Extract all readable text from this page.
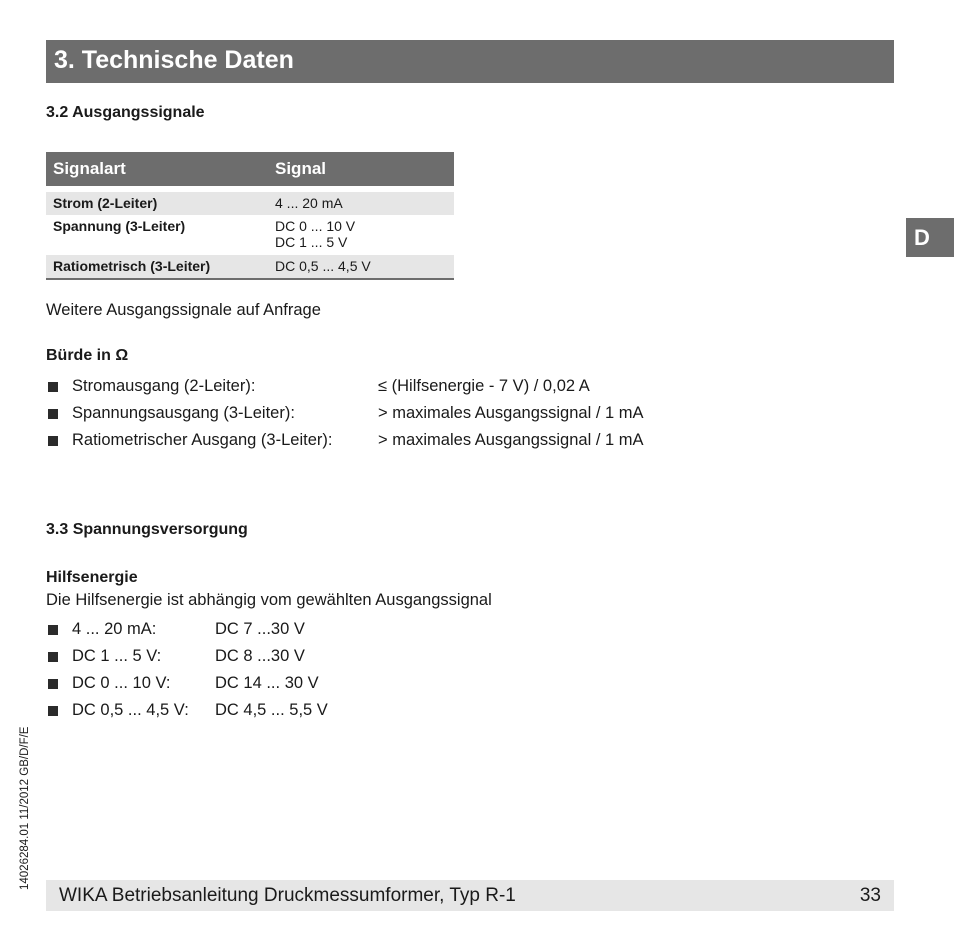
3. Technische Daten
D
3.2 Ausgangssignale
Signalart	Signal
Strom (2-Leiter)	4 ... 20 mA
Spannung (3-Leiter)	DC 0 ... 10 V
DC 1 ... 5 V
Ratiometrisch (3-Leiter)	DC 0,5 ... 4,5 V
Weitere Ausgangssignale auf Anfrage
Bürde in Ω
Stromausgang (2-Leiter):	≤ (Hilfsenergie - 7 V) / 0,02 A
Spannungsausgang (3-Leiter):	> maximales Ausgangssignal / 1 mA
Ratiometrischer Ausgang (3-Leiter):	> maximales Ausgangssignal / 1 mA
3.3 Spannungsversorgung
Hilfsenergie
Die Hilfsenergie ist abhängig vom gewählten Ausgangssignal
4 ... 20 mA:	DC 7 ...30 V
DC 1 ... 5 V:	DC 8 ...30 V
DC 0 ... 10 V:	DC 14 ... 30 V
DC 0,5 ... 4,5 V: DC 4,5 ... 5,5 V
14026284.01 11/2012 GB/D/F/E
WIKA Betriebsanleitung Druckmessumformer, Typ R-1	33
